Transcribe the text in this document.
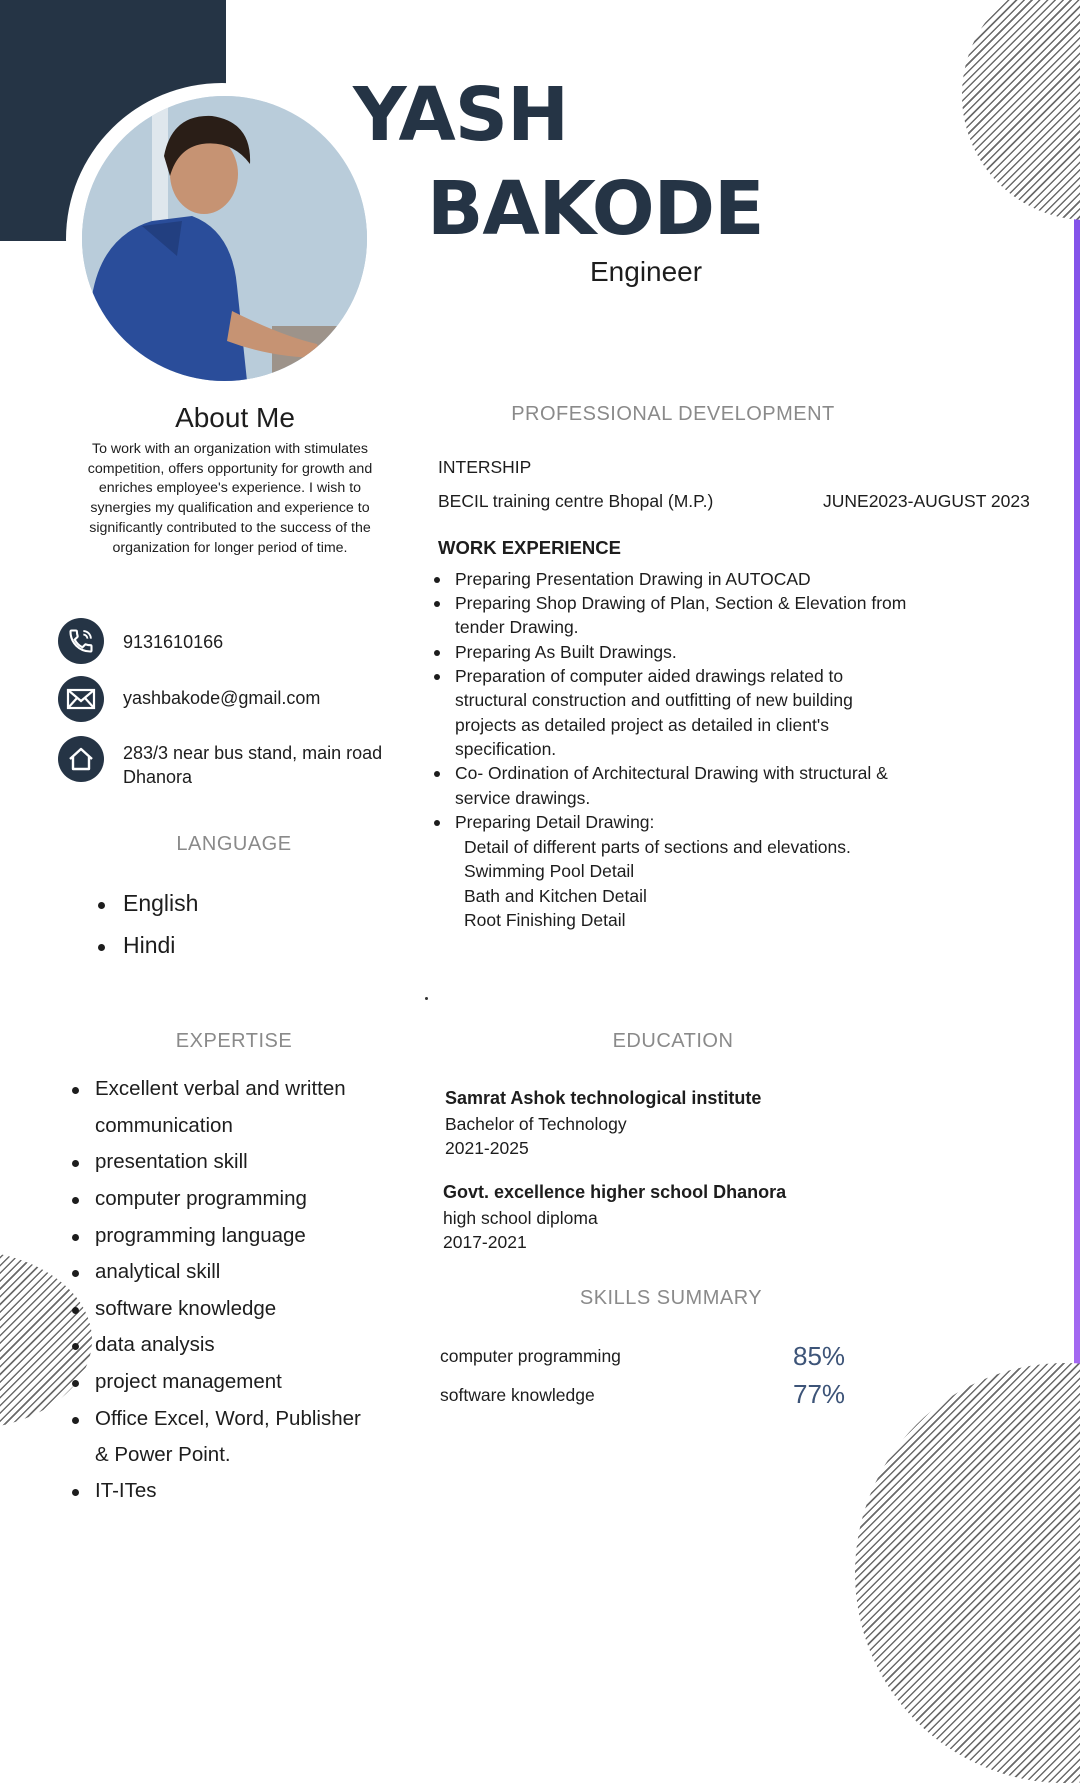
YASH
BAKODE
Engineer
About Me
To work with an organization with stimulates competition, offers opportunity for growth and enriches employee's experience. I wish to synergies my qualification and experience to significantly contributed to the success of the organization for longer period of time.
9131610166
yashbakode@gmail.com
283/3 near bus stand, main road
Dhanora
LANGUAGE
English
Hindi
EXPERTISE
Excellent verbal and written
communication
presentation skill
computer programming
programming language
analytical skill
software knowledge
data analysis
project management
Office Excel, Word, Publisher
& Power Point.
IT-ITes
PROFESSIONAL DEVELOPMENT
INTERSHIP
BECIL training centre Bhopal (M.P.)	JUNE2023-AUGUST 2023
WORK EXPERIENCE
Preparing Presentation Drawing in AUTOCAD
Preparing Shop Drawing of Plan, Section & Elevation from
tender Drawing.
Preparing As Built Drawings.
Preparation of computer aided drawings related to
structural construction and outfitting of new building
projects as detailed project as detailed in client's
specification.
Co- Ordination of Architectural Drawing with structural &
service drawings.
Preparing Detail Drawing:
Detail of different parts of sections and elevations.
Swimming Pool Detail
Bath and Kitchen Detail
Root Finishing Detail
EDUCATION
Samrat Ashok technological institute
Bachelor of Technology
2021-2025
Govt. excellence higher school Dhanora
high school diploma
2017-2021
SKILLS SUMMARY
computer programming	85%
software knowledge	77%
